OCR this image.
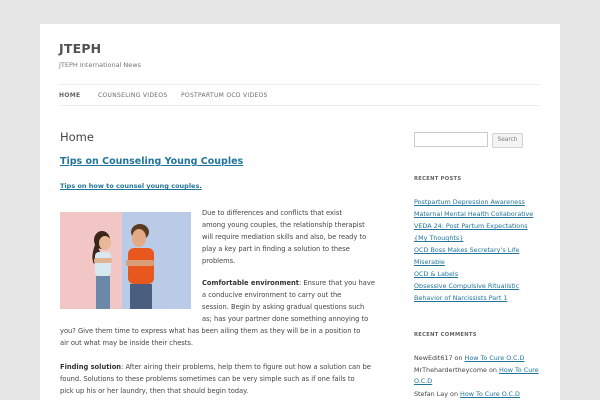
JTEPH
JTEPH International News
HOME	COUNSELING VIDEOS POSTPARTUM OCD VIDEOS
Home
Tips on Counseling Young Couples
Tips on how to counsel young couples.
Due to differences and conflicts that exist
among young couples, the relationship therapist
will require mediation skills and also, be ready to
play a key part in finding a solution to these
problems.
Comfortable environment: Ensure that you have
a conducive environment to carry out the
session. Begin by asking gradual questions such
as; has your partner done something annoying to
you? Give them time to express what has been ailing them as they will be in a position to
air out what may be inside their chests.
Finding solution: After airing their problems, help them to figure out how a solution can be
found. Solutions to these problems sometimes can be very simple such as if one fails to
pick up his or her laundry, then that should begin today.
Search
RECENT POSTS
Postpartum Depression Awareness
Maternal Mental Health Collaborative
VEDA 24: Post Partum Expectations
{My Thoughts}
OCD Boss Makes Secretary’s Life
Miserable
OCD & Labels
Obsessive Compulsive Ritualistic
Behavior of Narcissists Part 1
RECENT COMMENTS
NewEdit617 on How To Cure O.C.D
MrThehardertheycome on How To Cure
O.C.D
Stefan Lay on How To Cure O.C.D
